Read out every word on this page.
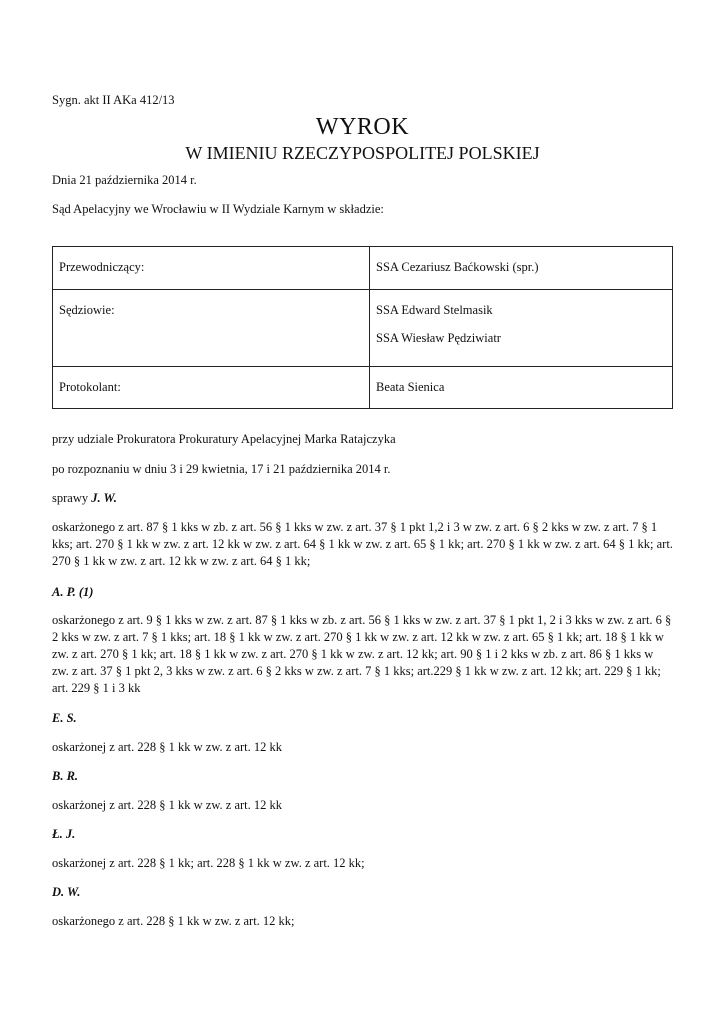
Sygn. akt II AKa 412/13
WYROK
W IMIENIU RZECZYPOSPOLITEJ POLSKIEJ
Dnia 21 października 2014 r.
Sąd Apelacyjny we Wrocławiu w II Wydziale Karnym w składzie:
Przewodniczący:	SSA Cezariusz Baćkowski (spr.)
Sędziowie:	SSA Edward Stelmasik
SSA Wiesław Pędziwiatr

Protokolant:	Beata Sienica
przy udziale Prokuratora Prokuratury Apelacyjnej Marka Ratajczyka
po rozpoznaniu w dniu 3 i 29 kwietnia, 17 i 21 października 2014 r.
sprawy J. W.
oskarżonego z art. 87 § 1 kks w zb. z art. 56 § 1 kks w zw. z art. 37 § 1 pkt 1,2 i 3 w zw. z art. 6 § 2 kks w zw. z art. 7 § 1 kks; art. 270 § 1 kk w zw. z art. 12 kk w zw. z art. 64 § 1 kk w zw. z art. 65 § 1 kk; art. 270 § 1 kk w zw. z art. 64 § 1 kk; art. 270 § 1 kk w zw. z art. 12 kk w zw. z art. 64 § 1 kk;
A. P. (1)
oskarżonego z art. 9 § 1 kks w zw. z art. 87 § 1 kks w zb. z art. 56 § 1 kks w zw. z art. 37 § 1 pkt 1, 2 i 3 kks w zw. z art. 6 § 2 kks w zw. z art. 7 § 1 kks; art. 18 § 1 kk w zw. z art. 270 § 1 kk w zw. z art. 12 kk w zw. z art. 65 § 1 kk; art. 18 § 1 kk w zw. z art. 270 § 1 kk; art. 18 § 1 kk w zw. z art. 270 § 1 kk w zw. z art. 12 kk; art. 90 § 1 i 2 kks w zb. z art. 86 § 1 kks w zw. z art. 37 § 1 pkt 2, 3 kks w zw. z art. 6 § 2 kks w zw. z art. 7 § 1 kks; art.229 § 1 kk w zw. z art. 12 kk; art. 229 § 1 kk; art. 229 § 1 i 3 kk
E. S.
oskarżonej z art. 228 § 1 kk w zw. z art. 12 kk
B. R.
oskarżonej z art. 228 § 1 kk w zw. z art. 12 kk
Ł. J.
oskarżonej z art. 228 § 1 kk; art. 228 § 1 kk w zw. z art. 12 kk;
D. W.
oskarżonego z art. 228 § 1 kk w zw. z art. 12 kk;
